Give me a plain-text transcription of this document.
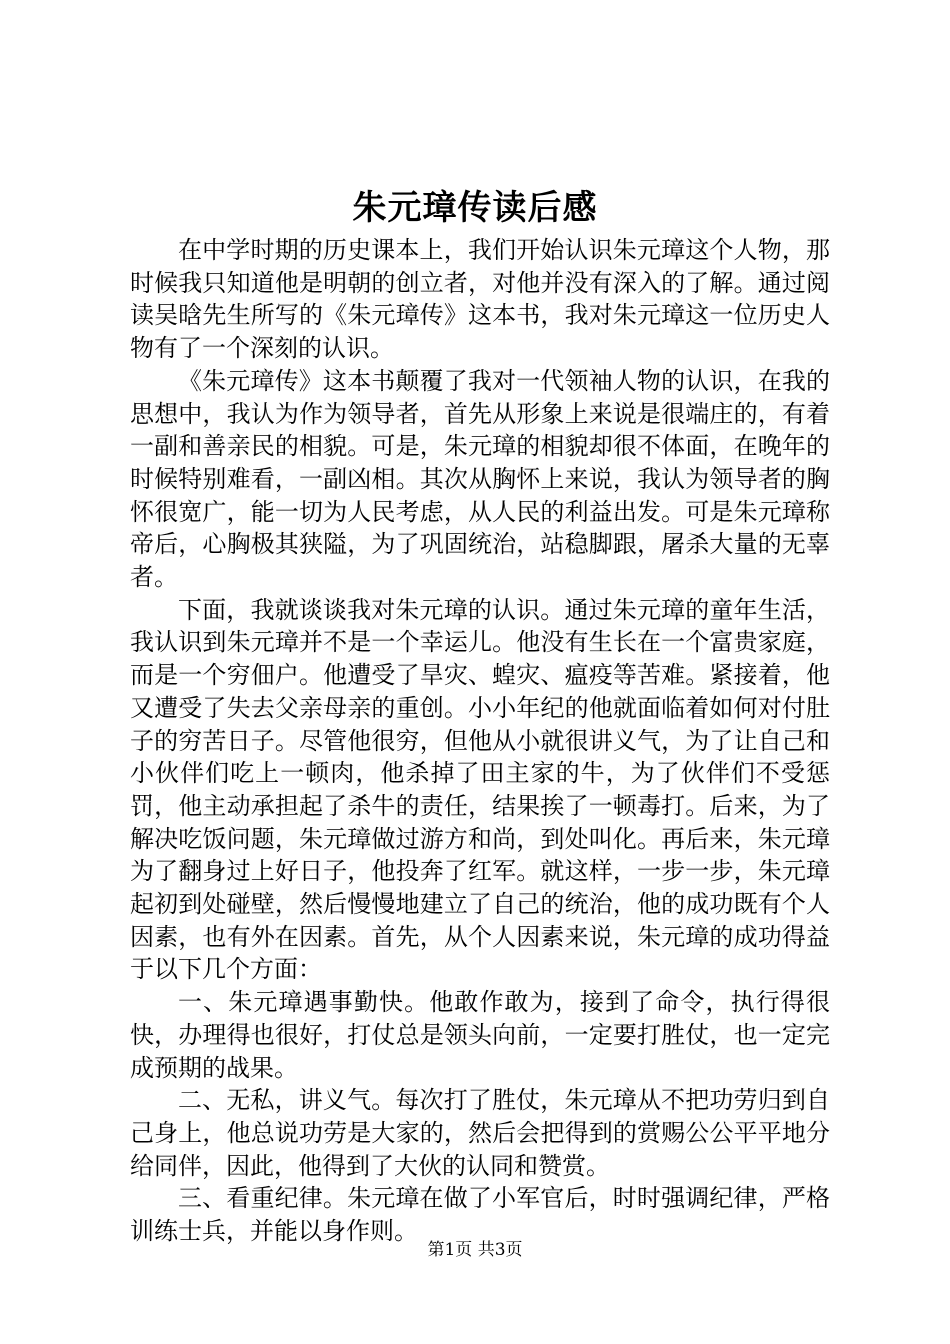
朱元璋传读后感

在中学时期的历史课本上，我们开始认识朱元璋这个人物，那时候我只知道他是明朝的创立者，对他并没有深入的了解。通过阅读吴晗先生所写的《朱元璋传》这本书，我对朱元璋这一位历史人物有了一个深刻的认识。

《朱元璋传》这本书颠覆了我对一代领袖人物的认识，在我的思想中，我认为作为领导者，首先从形象上来说是很端庄的，有着一副和善亲民的相貌。可是，朱元璋的相貌却很不体面，在晚年的时候特别难看，一副凶相。其次从胸怀上来说，我认为领导者的胸怀很宽广，能一切为人民考虑，从人民的利益出发。可是朱元璋称帝后，心胸极其狭隘，为了巩固统治，站稳脚跟，屠杀大量的无辜者。

下面，我就谈谈我对朱元璋的认识。通过朱元璋的童年生活，我认识到朱元璋并不是一个幸运儿。他没有生长在一个富贵家庭，而是一个穷佃户。他遭受了旱灾、蝗灾、瘟疫等苦难。紧接着，他又遭受了失去父亲母亲的重创。小小年纪的他就面临着如何对付肚子的穷苦日子。尽管他很穷，但他从小就很讲义气，为了让自己和小伙伴们吃上一顿肉，他杀掉了田主家的牛，为了伙伴们不受惩罚，他主动承担起了杀牛的责任，结果挨了一顿毒打。后来，为了解决吃饭问题，朱元璋做过游方和尚，到处叫化。再后来，朱元璋为了翻身过上好日子，他投奔了红军。就这样，一步一步，朱元璋起初到处碰壁，然后慢慢地建立了自己的统治，他的成功既有个人因素，也有外在因素。首先，从个人因素来说，朱元璋的成功得益于以下几个方面：

一、朱元璋遇事勤快。他敢作敢为，接到了命令，执行得很快，办理得也很好，打仗总是领头向前，一定要打胜仗，也一定完成预期的战果。

二、无私，讲义气。每次打了胜仗，朱元璋从不把功劳归到自己身上，他总说功劳是大家的，然后会把得到的赏赐公公平平地分给同伴，因此，他得到了大伙的认同和赞赏。

三、看重纪律。朱元璋在做了小军官后，时时强调纪律，严格训练士兵，并能以身作则。

第1页 共3页
